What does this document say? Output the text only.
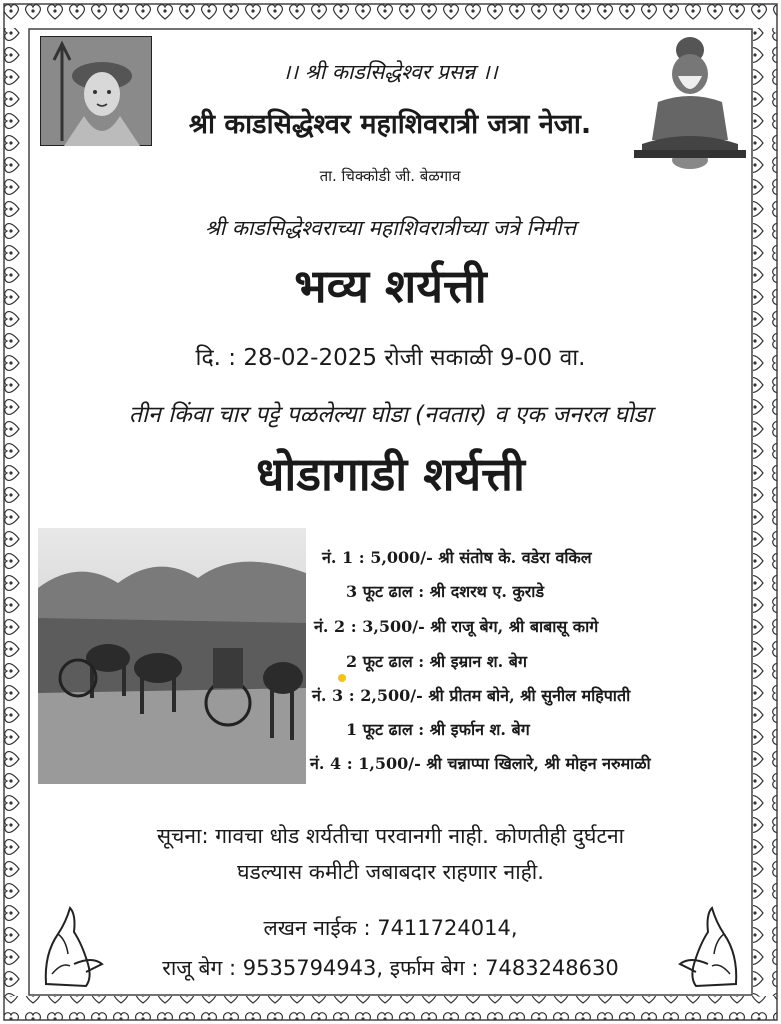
।। श्री काडसिद्धेश्वर प्रसन्न ।।
श्री काडसिद्धेश्वर महाशिवरात्री जत्रा नेजा.
ता. चिक्कोडी जी. बेळगाव
श्री काडसिद्धेश्वराच्या महाशिवरात्रीच्या जत्रे निमीत्त
भव्य शर्यत्ती
दि. : 28-02-2025 रोजी सकाळी 9-00 वा.
तीन किंवा चार पट्टे पळलेल्या घोडा (नवतार) व एक जनरल घोडा
धोडागाडी शर्यत्ती
नं. 1 : 5,000/- श्री संतोष के. वडेरा वकिल
3 फूट ढाल : श्री दशरथ ए. कुराडे
नं. 2 : 3,500/- श्री राजू बेग, श्री बाबासू कागे
2 फूट ढाल : श्री इम्रान श. बेग
नं. 3 : 2,500/- श्री प्रीतम बोने, श्री सुनील महिपाती
1 फूट ढाल : श्री इर्फान श. बेग
नं. 4 : 1,500/- श्री चन्नाप्पा खिलारे, श्री मोहन नरुमाळी
सूचना: गावचा धोड शर्यतीचा परवानगी नाही. कोणतीही दुर्घटना
घडल्यास कमीटी जबाबदार राहणार नाही.
लखन नाईक : 7411724014,
राजू बेग : 9535794943, इर्फाम बेग : 7483248630
